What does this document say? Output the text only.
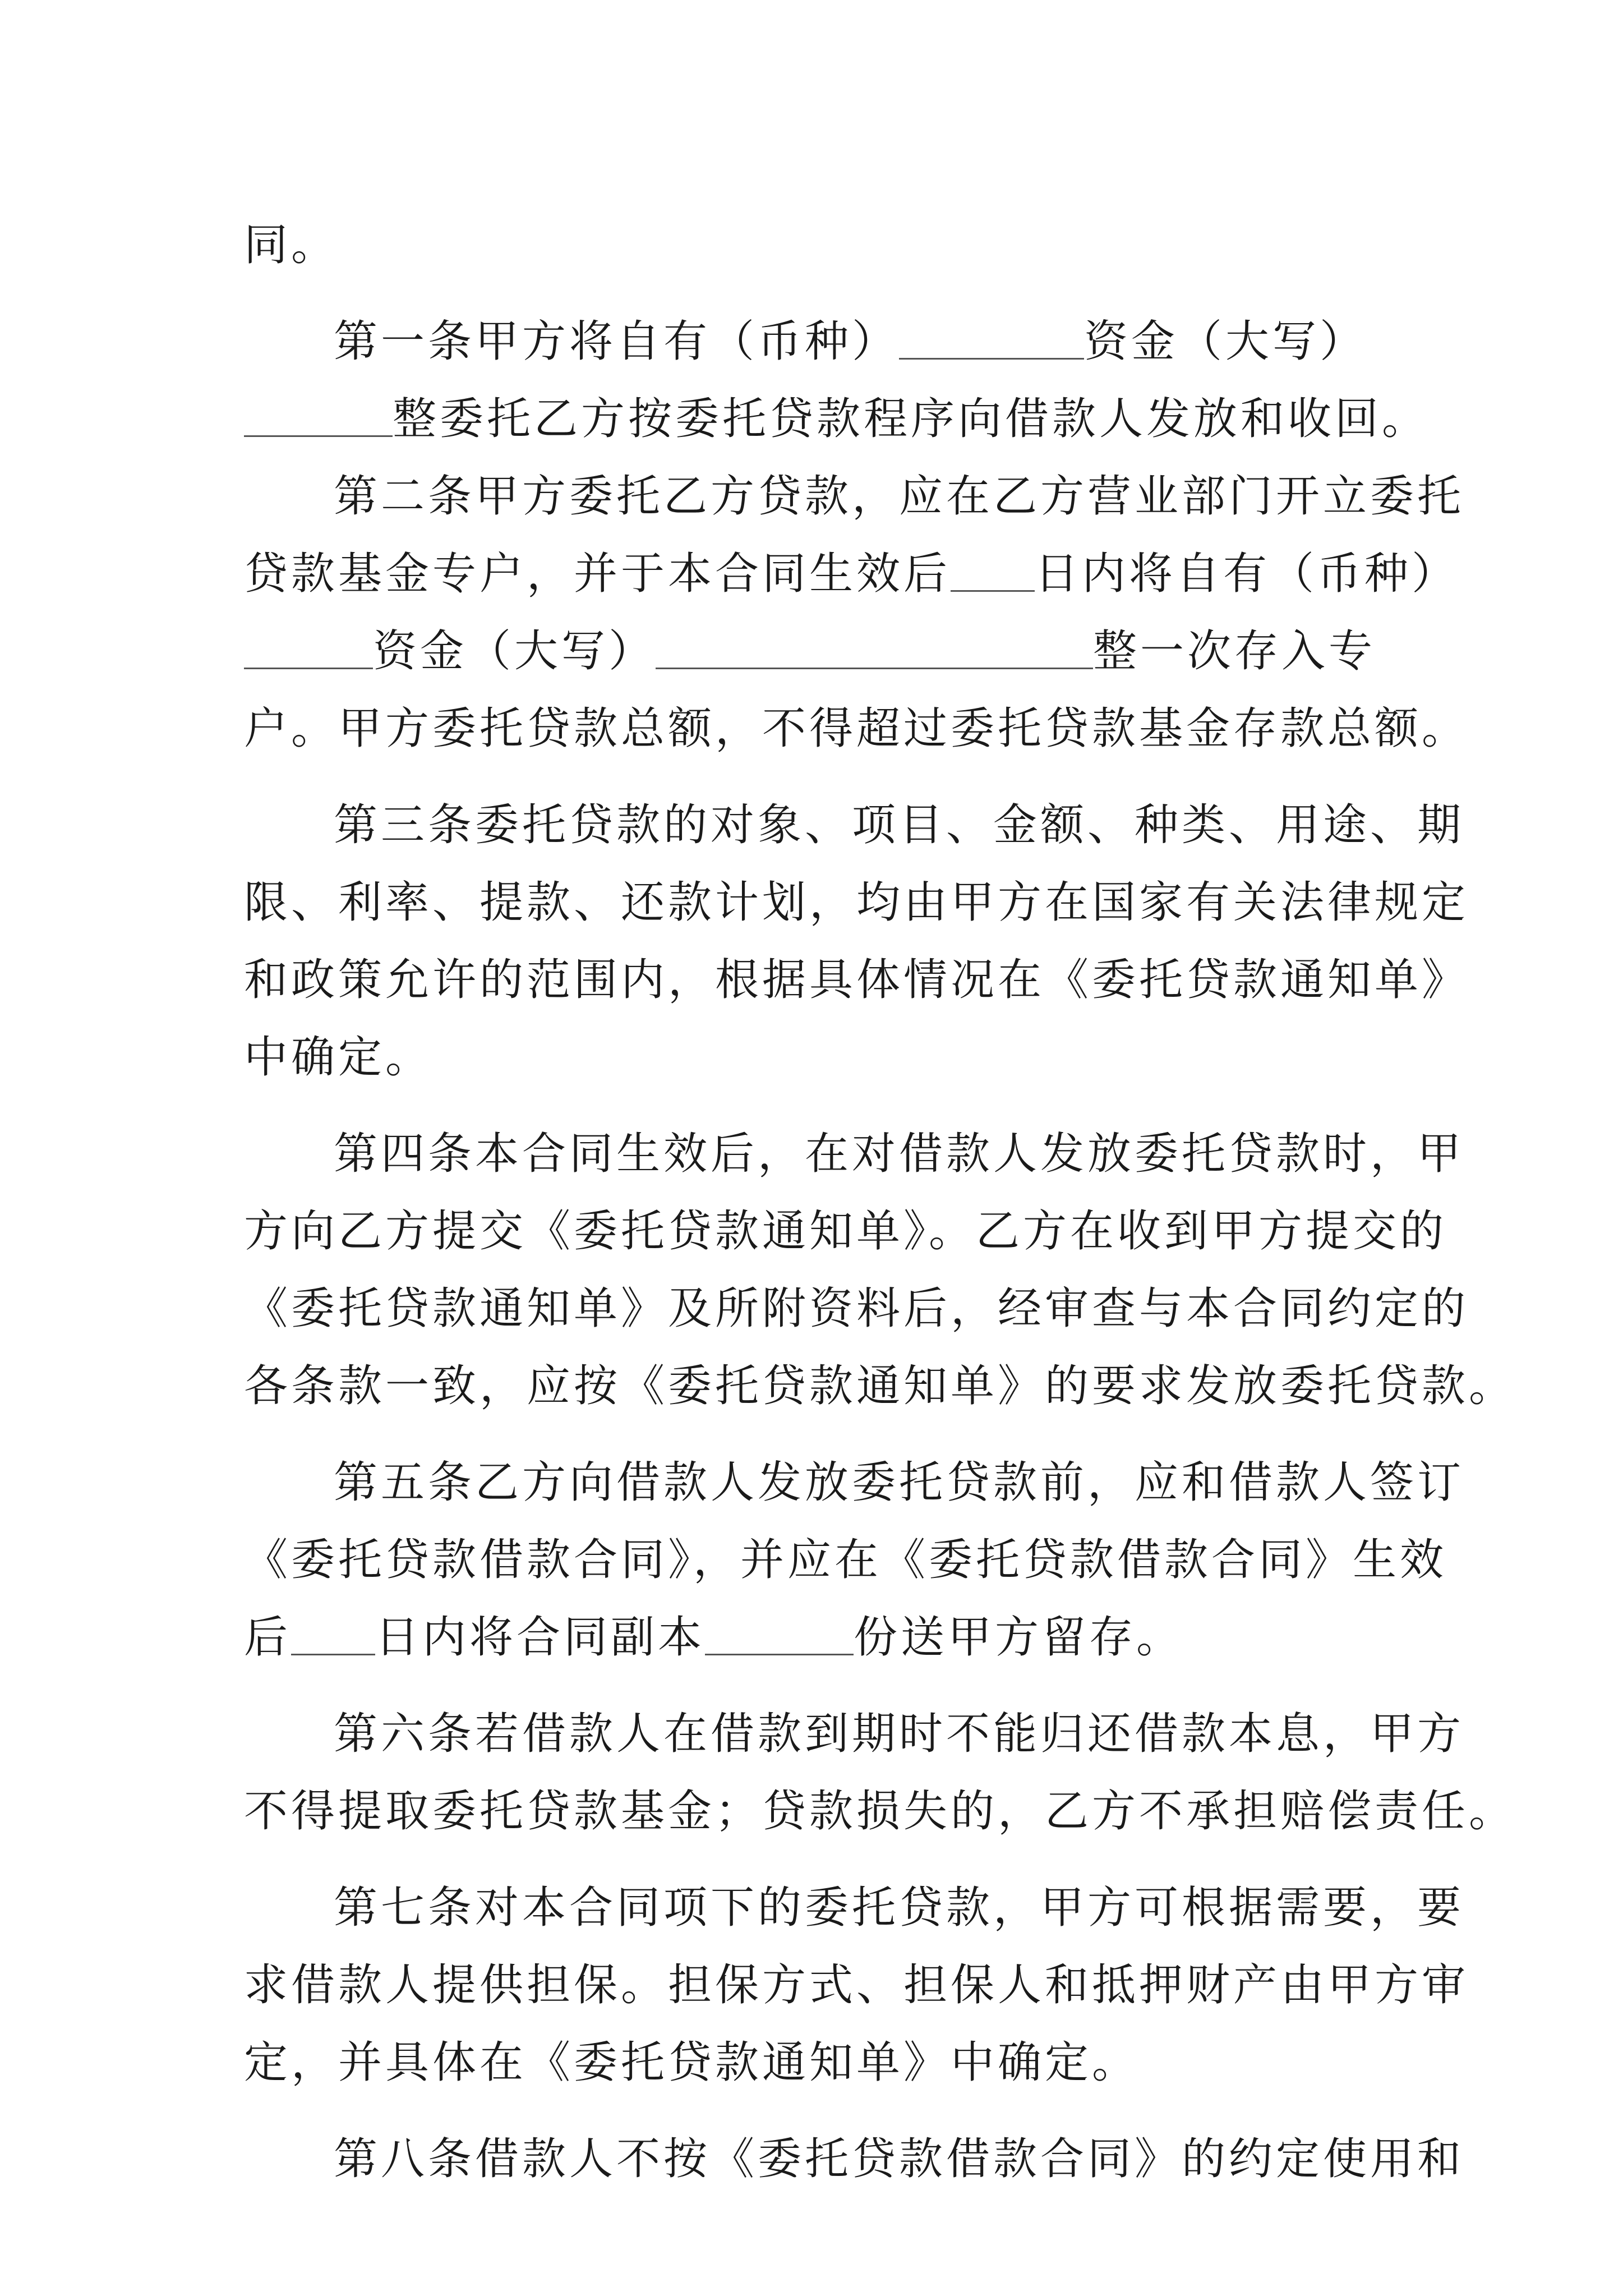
同。
第一条甲方将自有（币种）	资金（大写）
整委托乙方按委托贷款程序向借款人发放和收回。
第二条甲方委托乙方贷款，应在乙方营业部门开立委托
贷款基金专户，并于本合同生效后 日内将自有（币种）
资金（大写）	整一次存入专
户。甲方委托贷款总额，不得超过委托贷款基金存款总额。
第三条委托贷款的对象、项目、金额、种类、用途、期
限、利率、提款、还款计划，均由甲方在国家有关法律规定
和政策允许的范围内，根据具体情况在《委托贷款通知单》
中确定。
第四条本合同生效后，在对借款人发放委托贷款时，甲
方向乙方提交《委托贷款通知单》。乙方在收到甲方提交的
《委托贷款通知单》及所附资料后，经审查与本合同约定的
各条款一致，应按《委托贷款通知单》的要求发放委托贷款。
第五条乙方向借款人发放委托贷款前，应和借款人签订
《委托贷款借款合同》，并应在《委托贷款借款合同》生效
后 日内将合同副本	份送甲方留存。
第六条若借款人在借款到期时不能归还借款本息，甲方
不得提取委托贷款基金；贷款损失的，乙方不承担赔偿责任。
第七条对本合同项下的委托贷款，甲方可根据需要，要
求借款人提供担保。担保方式、担保人和抵押财产由甲方审
定，并具体在《委托贷款通知单》中确定。
第八条借款人不按《委托贷款借款合同》的约定使用和
